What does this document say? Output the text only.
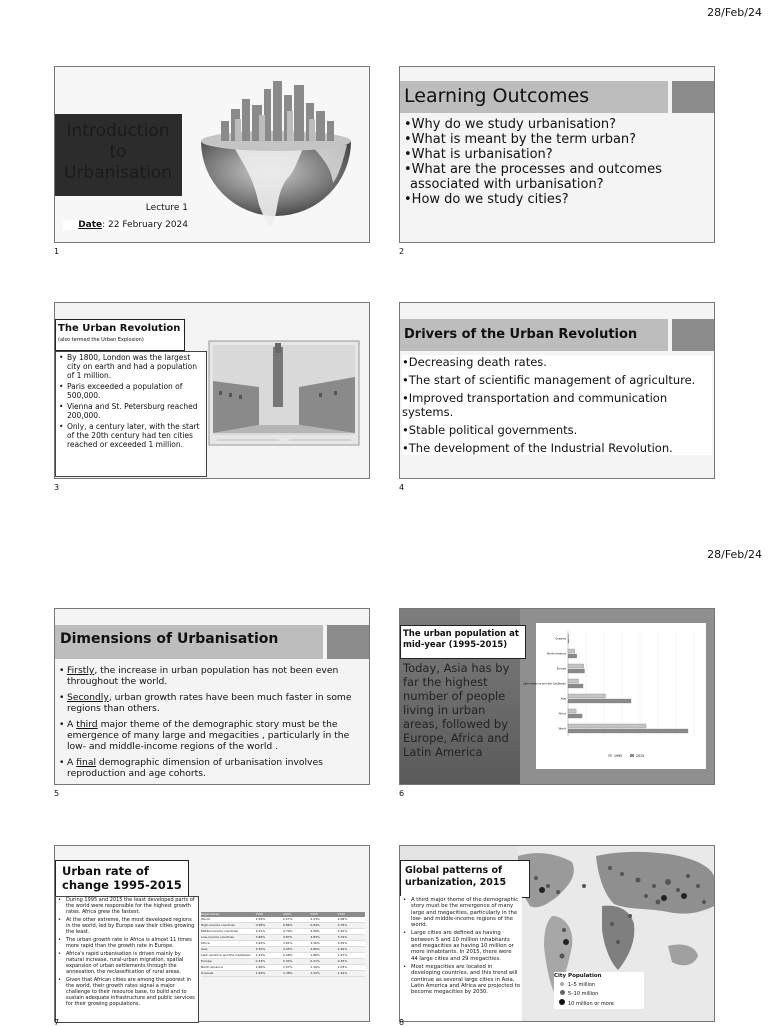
28/Feb/24
28/Feb/24
Introduction to Urbanisation
Lecture 1
Date: 22 February 2024
1
Learning Outcomes
•Why do we study urbanisation?
•What is meant by the term urban?
•What is urbanisation?
•What are the processes and outcomes associated with urbanisation?
•How do we study cities?
2
The Urban Revolution
(also termed the Urban Explosion)
• By 1800, London was the largest city on earth and had a population of 1 million.
• Paris exceeded a population of 500,000.
• Vienna and St. Petersburg reached 200,000.
• Only, a century later, with the start of the 20th century had ten cities reached or exceeded 1 million.
3
Drivers of the Urban Revolution
•Decreasing death rates.
•The start of scientific management of agriculture.
•Improved transportation and communication systems.
•Stable political governments.
•The development of the Industrial Revolution.
4
Dimensions of Urbanisation
• Firstly, the increase in urban population has not been even throughout the world.
• Secondly, urban growth rates have been much faster in some regions than others.
• A third major theme of the demographic story must be the emergence of many large and megacities , particularly in the low- and middle-income regions of the world .
• A final demographic dimension of urbanisation involves reproduction and age cohorts.
5
The urban population at mid-year (1995-2015)
Today, Asia has by far the highest number of people living in urban areas, followed by Europe, Africa and Latin America
Oceania
North America
Europe
Latin America and the Caribbean
Asia
Africa
World
1995	2015
6
Urban rate of change 1995-2015
• During 1995 and 2015 the least developed parts of the world were responsible for the highest growth rates. Africa grew the fastest.
• At the other extreme, the most developed regions in the world, led by Europe saw their cities growing the least.
• The urban growth rate in Africa is almost 11 times more rapid than the growth rate in Europe.
• Africa's rapid urbanisation is driven mainly by natural increase, rural-urban migration, spatial expansion of urban settlements through the annexation, the reclassification of rural areas.
• Given that African cities are among the poorest in the world, their growth rates signal a major challenge to their resource base, to build and to sustain adequate infrastructure and public services for their growing populations.
Region/Area	1995	2000	2005	2010
World	2.56%	2.27%	2.23%	2.08%
High-income countries	0.98%	0.86%	0.84%	0.78%
Middle-income countries	2.91%	2.79%	2.56%	2.30%
Low-income countries	3.86%	3.87%	3.83%	3.79%
Africa	3.46%	3.61%	3.56%	3.55%
Asia	3.30%	3.05%	2.80%	2.49%
Latin America and the Caribbean	2.29%	2.08%	1.86%	1.67%
Europe	0.34%	0.34%	0.41%	0.35%
North America	1.66%	1.57%	1.16%	1.03%
Oceania	1.46%	1.38%	1.52%	1.44%
7
Global patterns of urbanization, 2015
• A third major theme of the demographic story must be the emergence of many large and megacities, particularly in the low- and middle-income regions of the world.
• Large cities are defined as having between 5 and 10 million inhabitants and megacities as having 10 million or more inhabitants. In 2015, there were 44 large cities and 29 megacities.
• Most megacities are located in developing countries, and this trend will continue as several large cities in Asia, Latin America and Africa are projected to become megacities by 2030.
City Population
1–5 million
5–10 million
10 million or more
8
